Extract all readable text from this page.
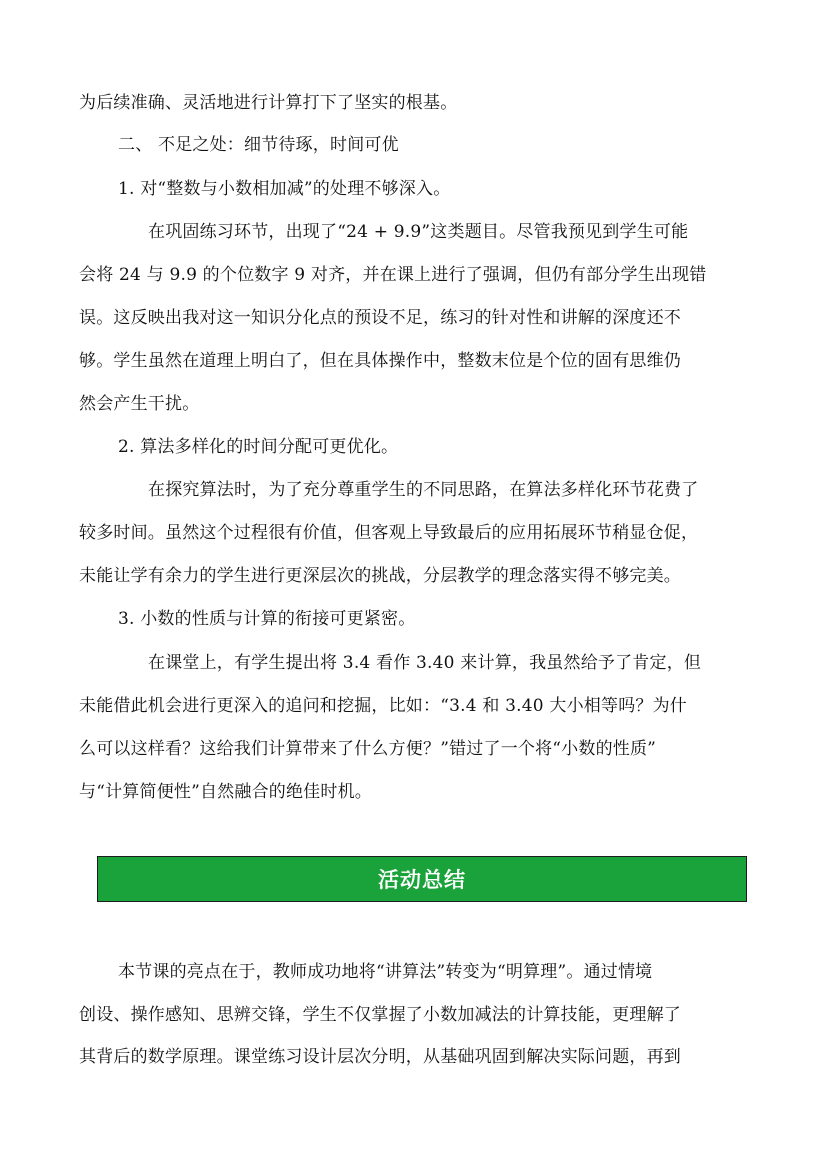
为后续准确、灵活地进行计算打下了坚实的根基。
二、 不足之处：细节待琢，时间可优
1. 对“整数与小数相加减”的处理不够深入。
在巩固练习环节，出现了“24 + 9.9”这类题目。尽管我预见到学生可能
会将 24 与 9.9 的个位数字 9 对齐，并在课上进行了强调，但仍有部分学生出现错
误。这反映出我对这一知识分化点的预设不足，练习的针对性和讲解的深度还不
够。学生虽然在道理上明白了，但在具体操作中，整数末位是个位的固有思维仍
然会产生干扰。
2. 算法多样化的时间分配可更优化。
在探究算法时，为了充分尊重学生的不同思路，在算法多样化环节花费了
较多时间。虽然这个过程很有价值，但客观上导致最后的应用拓展环节稍显仓促，
未能让学有余力的学生进行更深层次的挑战，分层教学的理念落实得不够完美。
3. 小数的性质与计算的衔接可更紧密。
在课堂上，有学生提出将 3.4 看作 3.40 来计算，我虽然给予了肯定，但
未能借此机会进行更深入的追问和挖掘，比如：“3.4 和 3.40 大小相等吗？为什
么可以这样看？这给我们计算带来了什么方便？”错过了一个将“小数的性质”
与“计算简便性”自然融合的绝佳时机。
活动总结
本节课的亮点在于，教师成功地将“讲算法”转变为“明算理”。通过情境
创设、操作感知、思辨交锋，学生不仅掌握了小数加减法的计算技能，更理解了
其背后的数学原理。课堂练习设计层次分明，从基础巩固到解决实际问题，再到
